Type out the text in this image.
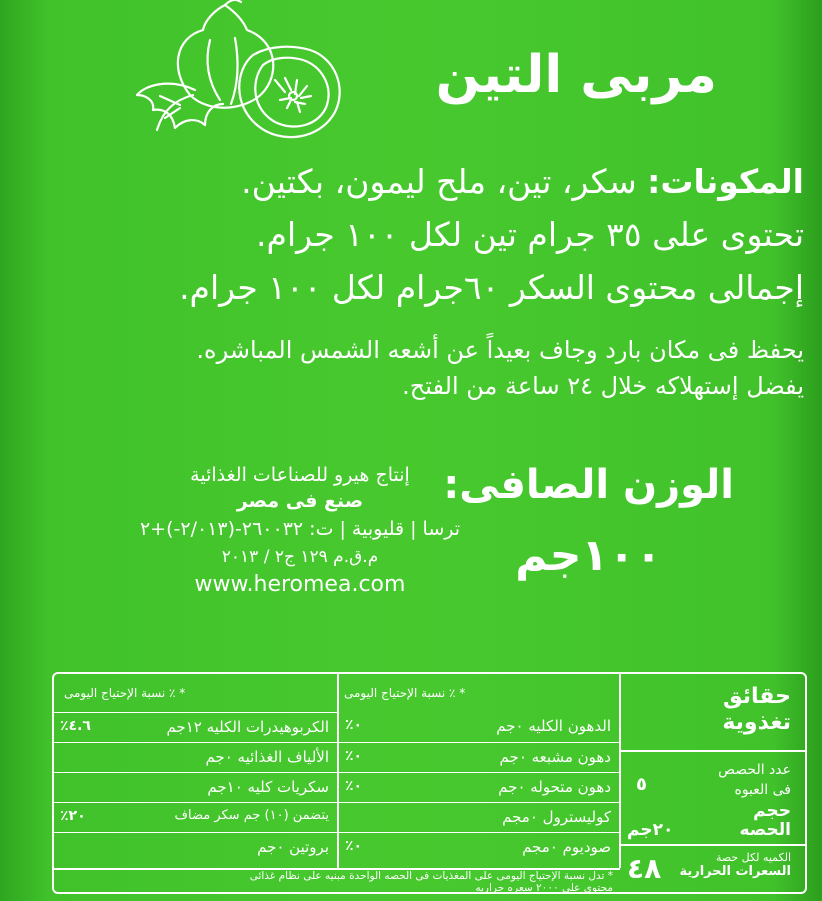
مربى التين
المكونات: سكر، تين، ملح ليمون، بكتين.
تحتوى على ٣٥ جرام تين لكل ١٠٠ جرام.
إجمالى محتوى السكر ٦٠جرام لكل ١٠٠ جرام.
يحفظ فى مكان بارد وجاف بعيداً عن أشعه الشمس المباشره.
يفضل إستهلاكه خلال ٢٤ ساعة من الفتح.
الوزن الصافى:
١٠٠جم
إنتاج هيرو للصناعات الغذائية
صنع فى مصر
ترسا | قليوبية | ت: ٢٦٠٠٣٢-(٢/٠١٣-)+٢
م.ق.م ١٢٩ ج٢ / ٢٠١٣
www.heromea.com
* ٪ نسبة الإحتياج اليومى	* ٪ نسبة الإحتياج اليومى
الكربوهيدرات الكليه ١٢جم
٤.٦٪
الألياف الغذائيه ٠جم
سكريات كليه ١٠جم
يتضمن (١٠) جم سكر مضاف
٢٠٪
بروتين ٠جم
الدهون الكليه ٠جم
٠٪
دهون مشبعه ٠جم
٠٪
دهون متحوله ٠جم
٠٪
كوليسترول ٠مجم
صوديوم ٠مجم
٠٪
حقائق
تغذوية
عدد الحصص
فى العبوه
٥
حجم
الحصه
٢٠جم
الكميه لكل حصة
السعرات الحرارية
٤٨
* تدل نسبة الإحتياج اليومى على المغذيات فى الحصه الواحدة مبنيه على نظام غذائى
محتوى على ٢٠٠٠ سعره حراريه
